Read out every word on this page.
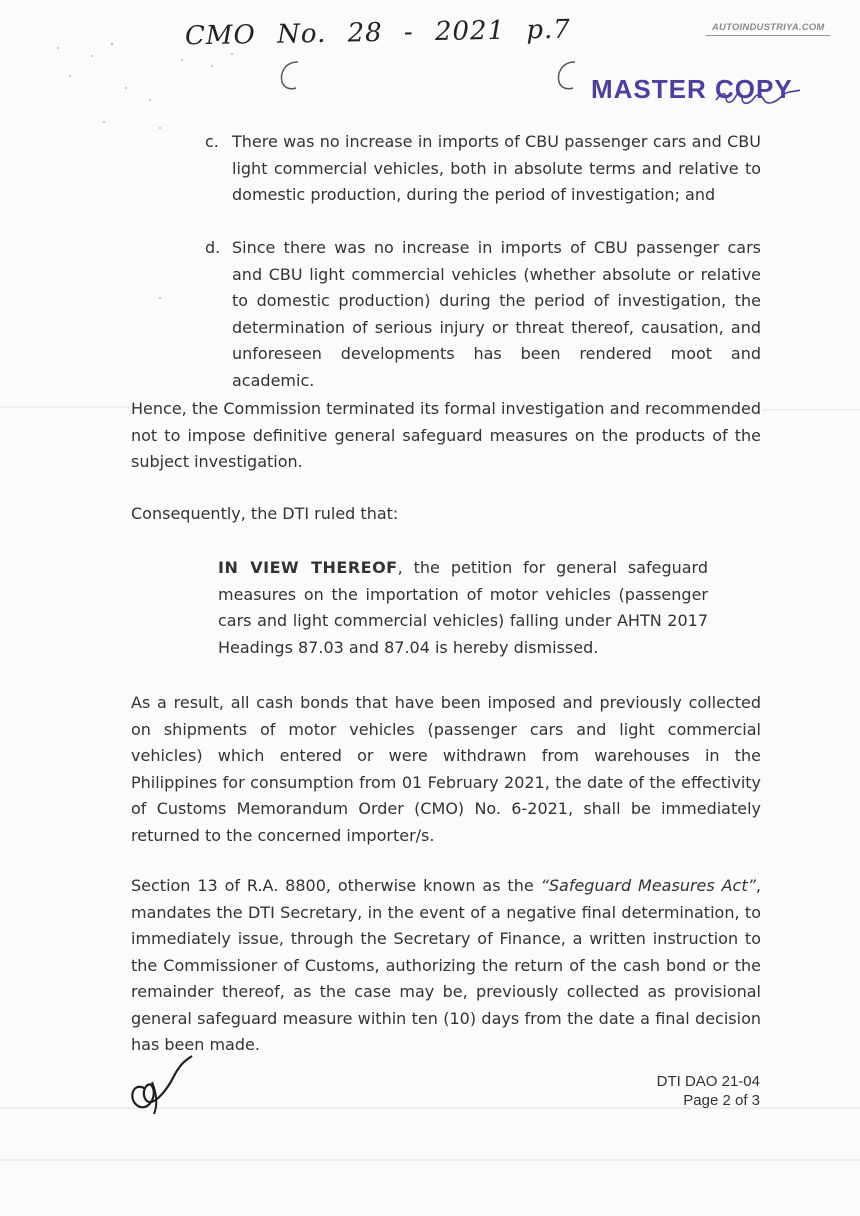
CMO No. 28 - 2021 p.7	AUTOINDUSTRIYA.COM
MASTER COPY
c. There was no increase in imports of CBU passenger cars and CBU light commercial vehicles, both in absolute terms and relative to domestic production, during the period of investigation; and
d. Since there was no increase in imports of CBU passenger cars and CBU light commercial vehicles (whether absolute or relative to domestic production) during the period of investigation, the determination of serious injury or threat thereof, causation, and unforeseen developments has been rendered moot and academic.
Hence, the Commission terminated its formal investigation and recommended not to impose definitive general safeguard measures on the products of the subject investigation.
Consequently, the DTI ruled that:
IN VIEW THEREOF, the petition for general safeguard measures on the importation of motor vehicles (passenger cars and light commercial vehicles) falling under AHTN 2017 Headings 87.03 and 87.04 is hereby dismissed.
As a result, all cash bonds that have been imposed and previously collected on shipments of motor vehicles (passenger cars and light commercial vehicles) which entered or were withdrawn from warehouses in the Philippines for consumption from 01 February 2021, the date of the effectivity of Customs Memorandum Order (CMO) No. 6-2021, shall be immediately returned to the concerned importer/s.
Section 13 of R.A. 8800, otherwise known as the “Safeguard Measures Act”, mandates the DTI Secretary, in the event of a negative final determination, to immediately issue, through the Secretary of Finance, a written instruction to the Commissioner of Customs, authorizing the return of the cash bond or the remainder thereof, as the case may be, previously collected as provisional general safeguard measure within ten (10) days from the date a final decision has been made.
DTI DAO 21-04
Page 2 of 3
